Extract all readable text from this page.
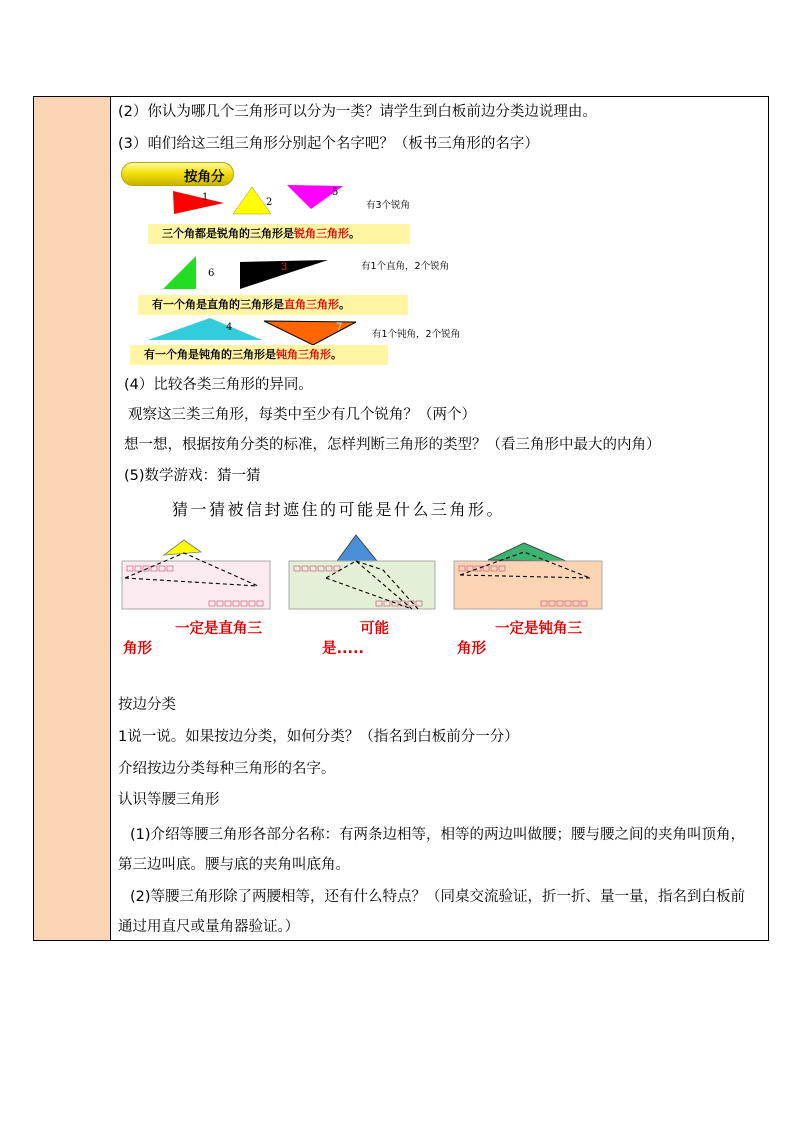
(2）你认为哪几个三角形可以分为一类？请学生到白板前边分类边说理由。
(3）咱们给这三组三角形分别起个名字吧？（板书三角形的名字）
按角分
1	2
5
有3个锐角
三个角都是锐角的三角形是锐角三角形。
6
3	有1个直角，2个锐角
有一个角是直角的三角形是直角三角形。
4	7
有1个钝角，2个锐角
有一个角是钝角的三角形是钝角三角形。
(4）比较各类三角形的异同。
观察这三类三角形，每类中至少有几个锐角？（两个）
想一想，根据按角分类的标准，怎样判断三角形的类型？（看三角形中最大的内角）
(5)数学游戏：猜一猜
猜一猜被信封遮住的可能是什么三角形。
一定是直角三
角形
可能
是.....
一定是钝角三
角形
按边分类
1说一说。如果按边分类，如何分类？（指名到白板前分一分）
介绍按边分类每种三角形的名字。
认识等腰三角形
(1)介绍等腰三角形各部分名称：有两条边相等，相等的两边叫做腰；腰与腰之间的夹角叫顶角，第三边叫底。腰与底的夹角叫底角。
(2)等腰三角形除了两腰相等，还有什么特点？（同桌交流验证，折一折、量一量，指名到白板前通过用直尺或量角器验证。）
